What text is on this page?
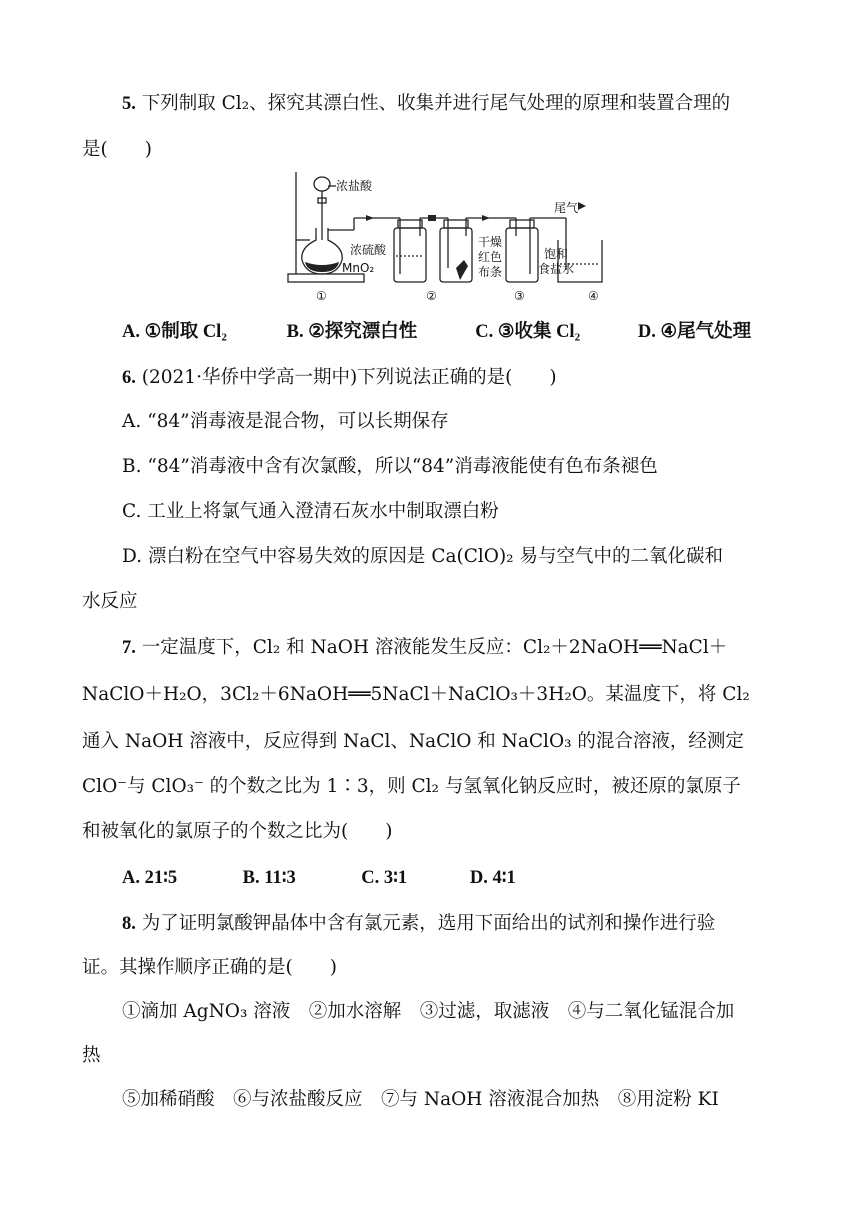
5. 下列制取 Cl₂、探究其漂白性、收集并进行尾气处理的原理和装置合理的
是(　　)
浓盐酸
MnO₂
浓硫酸
干燥
红色
布条
尾气
饱和
食盐水
①	②	③	④
A. ①制取 Cl₂	B. ②探究漂白性	C. ③收集 Cl₂	D. ④尾气处理
6. (2021·华侨中学高一期中)下列说法正确的是(　　)
A. “84”消毒液是混合物，可以长期保存
B. “84”消毒液中含有次氯酸，所以“84”消毒液能使有色布条褪色
C. 工业上将氯气通入澄清石灰水中制取漂白粉
D. 漂白粉在空气中容易失效的原因是 Ca(ClO)₂ 易与空气中的二氧化碳和
水反应
7. 一定温度下，Cl₂ 和 NaOH 溶液能发生反应：Cl₂＋2NaOH══NaCl＋
NaClO＋H₂O，3Cl₂＋6NaOH══5NaCl＋NaClO₃＋3H₂O。某温度下，将 Cl₂
通入 NaOH 溶液中，反应得到 NaCl、NaClO 和 NaClO₃ 的混合溶液，经测定
ClO⁻与 ClO₃⁻ 的个数之比为 1∶3，则 Cl₂ 与氢氧化钠反应时，被还原的氯原子
和被氧化的氯原子的个数之比为(　　)
A. 21∶5	B. 11∶3	C. 3∶1	D. 4∶1
8. 为了证明氯酸钾晶体中含有氯元素，选用下面给出的试剂和操作进行验
证。其操作顺序正确的是(　　)
①滴加 AgNO₃ 溶液　②加水溶解　③过滤，取滤液　④与二氧化锰混合加
热
⑤加稀硝酸　⑥与浓盐酸反应　⑦与 NaOH 溶液混合加热　⑧用淀粉 KI
